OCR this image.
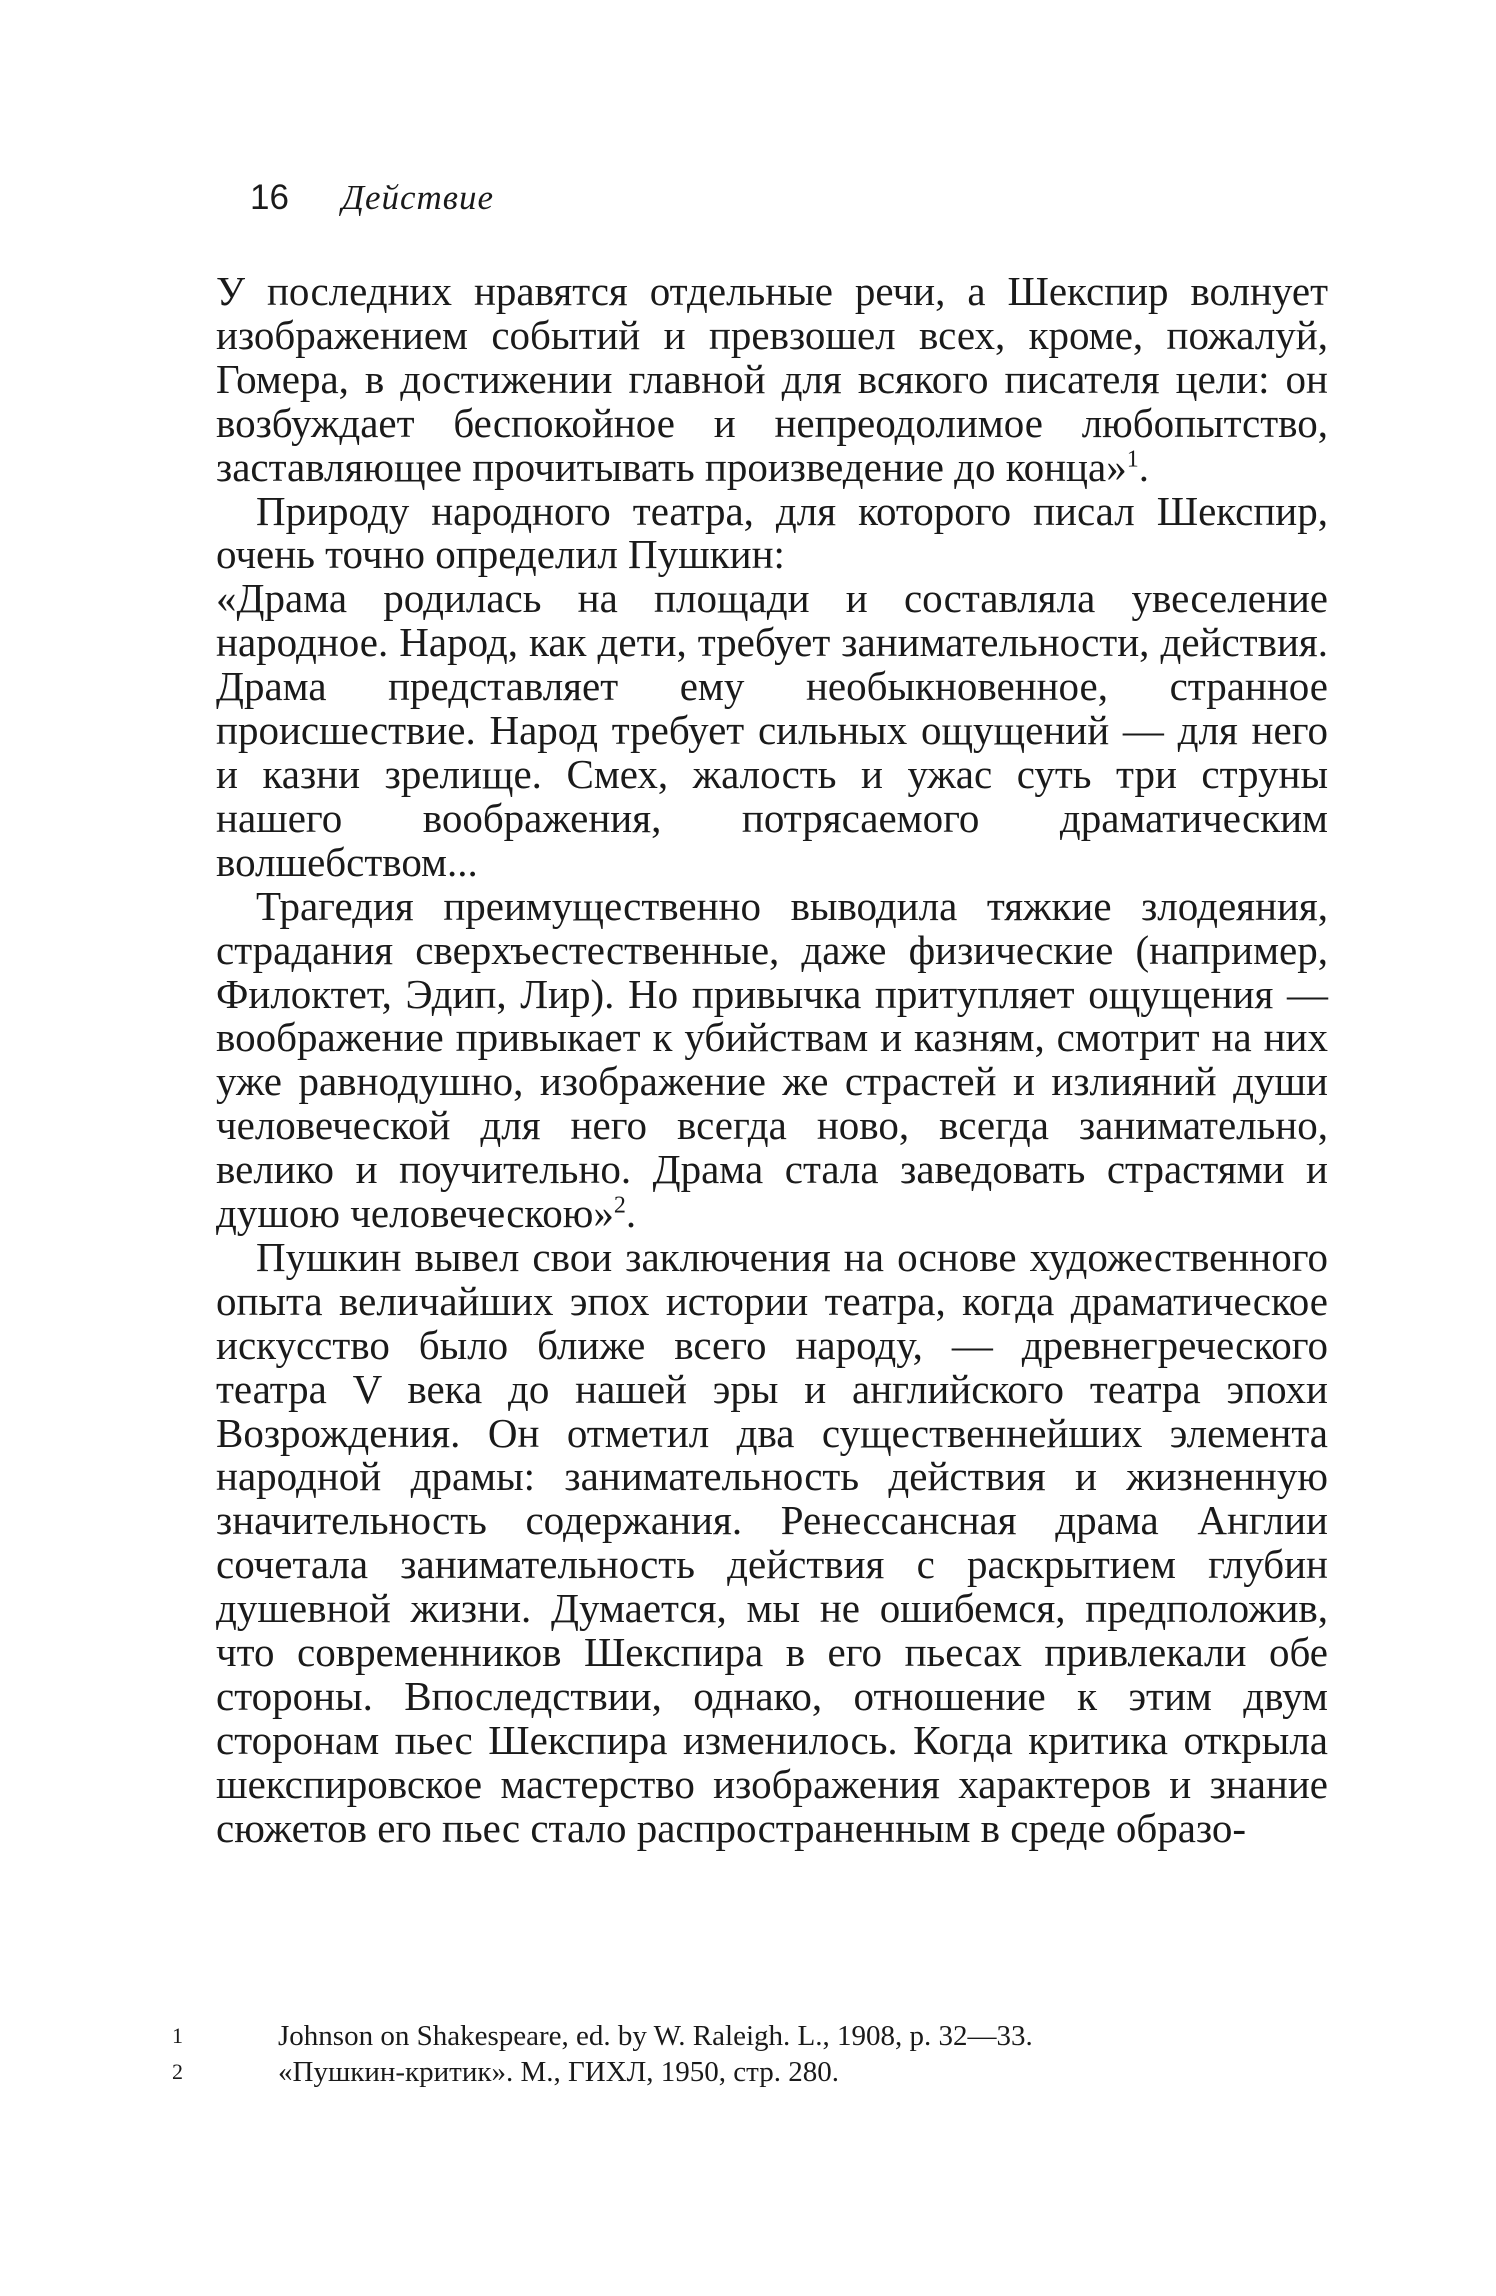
16 Действие

У последних нравятся отдельные речи, а Шекспир волнует изображением событий и превзошел всех, кроме, пожалуй, Гомера, в достижении главной для всякого писателя цели: он возбуждает беспокойное и непреодолимое любопытство, заставляющее прочитывать произведение до конца»$^1$.

Природу народного театра, для которого писал Шекспир, очень точно определил Пушкин:

«Драма родилась на площади и составляла увеселение народное. Народ, как дети, требует занимательности, действия. Драма представляет ему необыкновенное, странное происшествие. Народ требует сильных ощущений — для него и казни зрелище. Смех, жалость и ужас суть три струны нашего воображения, потрясаемого драматическим волшебством...

Трагедия преимущественно выводила тяжкие злодеяния, страдания сверхъестественные, даже физические (например, Филоктет, Эдип, Лир). Но привычка притупляет ощущения — воображение привыкает к убийствам и казням, смотрит на них уже равнодушно, изображение же страстей и излияний души человеческой для него всегда ново, всегда занимательно, велико и поучительно. Драма стала заведовать страстями и душою человеческою»$^2$.

Пушкин вывел свои заключения на основе художественного опыта величайших эпох истории театра, когда драматическое искусство было ближе всего народу, — древнегреческого театра V века до нашей эры и английского театра эпохи Возрождения. Он отметил два существеннейших элемента народной драмы: занимательность действия и жизненную значительность содержания. Ренессансная драма Англии сочетала занимательность действия с раскрытием глубин душевной жизни. Думается, мы не ошибемся, предположив, что современников Шекспира в его пьесах привлекали обе стороны. Впоследствии, однако, отношение к этим двум сторонам пьес Шекспира изменилось. Когда критика открыла шекспировское мастерство изображения характеров и знание сюжетов его пьес стало распространенным в среде образо-

1	Johnson on Shakespeare, ed. by W. Raleigh. L., 1908, p. 32—33.
2	«Пушкин-критик». М., ГИХЛ, 1950, стр. 280.
